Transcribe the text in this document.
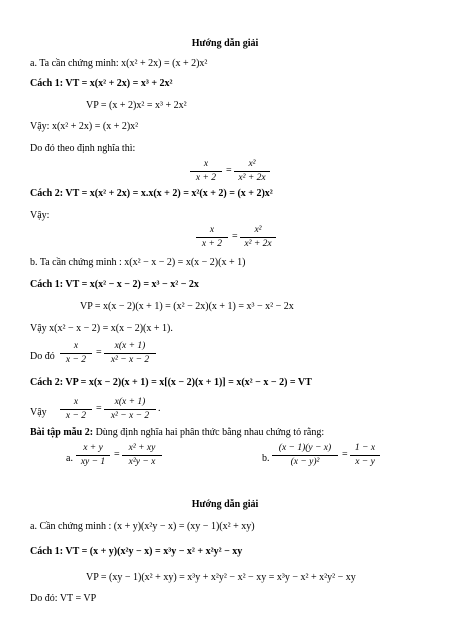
Hướng dẫn giải
a. Ta cần chứng minh: x(x² + 2x) = (x + 2)x²
Cách 1: VT = x(x² + 2x) = x³ + 2x²
VP = (x + 2)x² = x³ + 2x²
Vậy: x(x² + 2x) = (x + 2)x²
Do đó theo định nghĩa thì:
x
x + 2
=
x²
x² + 2x
Cách 2: VT = x(x² + 2x) = x.x(x + 2) = x²(x + 2) = (x + 2)x²
Vậy:
x
x + 2
=
x²
x² + 2x
b. Ta cần chứng minh : x(x² − x − 2) = x(x − 2)(x + 1)
Cách 1: VT = x(x² − x − 2) = x³ − x² − 2x
VP = x(x − 2)(x + 1) = (x² − 2x)(x + 1) = x³ − x² − 2x
Vậy x(x² − x − 2) = x(x − 2)(x + 1).
Do đó
x
x − 2
=
x(x + 1)
x² − x − 2
Cách 2: VP = x(x − 2)(x + 1) = x[(x − 2)(x + 1)] = x(x² − x − 2) = VT
Vậy
x
x − 2
=
x(x + 1)
x² − x − 2
.
Bài tập mẫu 2: Dùng định nghĩa hai phân thức bằng nhau chứng tỏ rằng:
a.
x + y
xy − 1
=
x² + xy
x²y − x	b.
(x − 1)(y − x)
(x − y)²
=
1 − x
x − y
Hướng dẫn giải
a. Cần chứng minh : (x + y)(x²y − x) = (xy − 1)(x² + xy)
Cách 1: VT = (x + y)(x²y − x) = x³y − x² + x²y² − xy
VP = (xy − 1)(x² + xy) = x³y + x²y² − x² − xy = x³y − x² + x²y² − xy
Do đó: VT = VP
